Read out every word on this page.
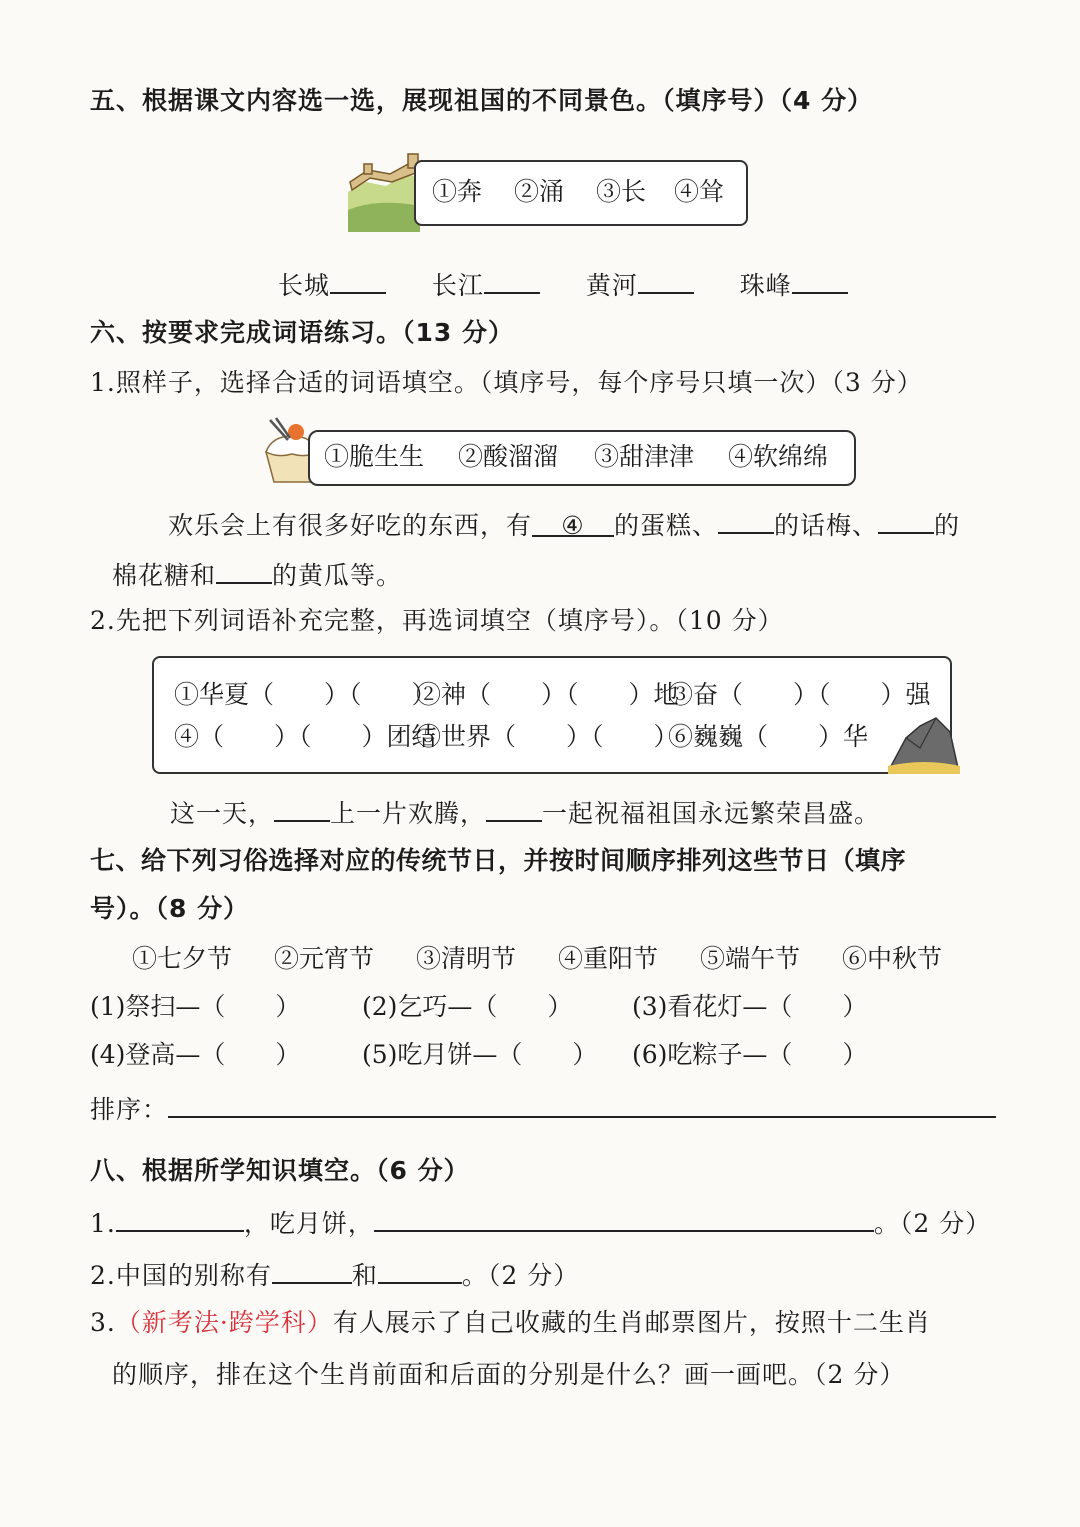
五、根据课文内容选一选，展现祖国的不同景色。（填序号）（4 分）
①奔 ②涌 ③长 ④耸
长城	长江	黄河	珠峰
六、按要求完成词语练习。（13 分）
1.照样子，选择合适的词语填空。（填序号，每个序号只填一次）（3 分）
①脆生生 ②酸溜溜 ③甜津津 ④软绵绵
欢乐会上有很多好吃的东西，有 ④ 的蛋糕、 的话梅、 的
棉花糖和 的黄瓜等。
2.先把下列词语补充完整，再选词填空（填序号）。（10 分）
①华夏（　　）（　　）②神（　　）（　　）地③奋（　　）（　　）强
④（　　）（　　）团结⑤世界（　　）（　　）⑥巍巍（　　）华
这一天， 上一片欢腾， 一起祝福祖国永远繁荣昌盛。
七、给下列习俗选择对应的传统节日，并按时间顺序排列这些节日（填序
号）。（8 分）
①七夕节 ②元宵节 ③清明节 ④重阳节 ⑤端午节 ⑥中秋节
(1)祭扫—（　　） (2)乞巧—（　　） (3)看花灯—（　　）
(4)登高—（　　） (5)吃月饼—（　　） (6)吃粽子—（　　）
排序：
八、根据所学知识填空。（6 分）
1.	，吃月饼，	。（2 分）
2.中国的别称有	和	。（2 分）
3.（新考法·跨学科）有人展示了自己收藏的生肖邮票图片，按照十二生肖
的顺序，排在这个生肖前面和后面的分别是什么？画一画吧。（2 分）
